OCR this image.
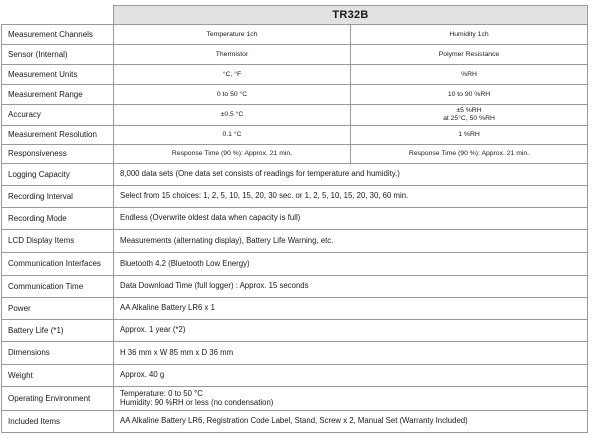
	TR32B	
Measurement Channels	Temperature 1ch	Humidity 1ch
Sensor (Internal)	Thermistor	Polymer Resistance
Measurement Units	°C, °F	%RH
Measurement Range	0 to 50 °C	10 to 90 %RH
Accuracy	±0.5 °C	±5 %RH
at 25°C, 50 %RH

Measurement Resolution	0.1 °C	1 %RH
Responsiveness	Response Time (90 %): Approx. 21 min.	Response Time (90 %): Approx. 21 min.
Logging Capacity	8,000 data sets (One data set consists of readings for temperature and humidity.)	
Recording Interval	Select from 15 choices: 1, 2, 5, 10, 15, 20, 30 sec. or 1, 2, 5, 10, 15, 20, 30, 60 min.	
Recording Mode	Endless (Overwrite oldest data when capacity is full)	
LCD Display Items	Measurements (alternating display), Battery Life Warning, etc.	
Communication Interfaces	Bluetooth 4.2 (Bluetooth Low Energy)	
Communication Time	Data Download Time (full logger) : Approx. 15 seconds	
Power	AA Alkaline Battery LR6 x 1	
Battery Life (*1)	Approx. 1 year (*2)	
Dimensions	H 36 mm x W 85 mm x D 36 mm	
Weight	Approx. 40 g	
Operating Environment	Temperature: 0 to 50 °C
Humidity: 90 %RH or less (no condensation)	

Included Items	AA Alkaline Battery LR6, Registration Code Label, Stand, Screw x 2, Manual Set (Warranty Included)	
